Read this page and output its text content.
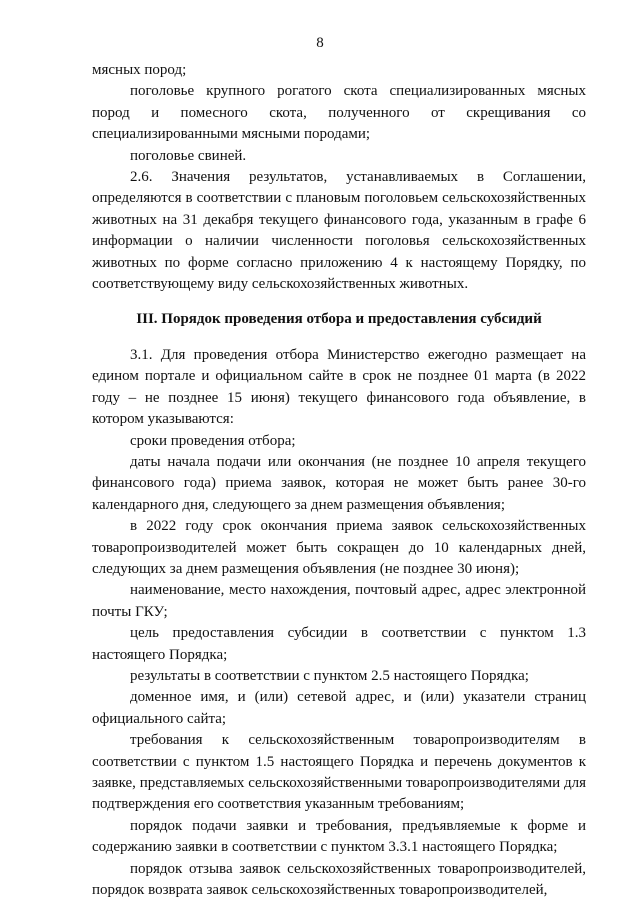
8

мясных пород;

поголовье крупного рогатого скота специализированных мясных пород и помесного скота, полученного от скрещивания со специализированными мясными породами;

поголовье свиней.

2.6. Значения результатов, устанавливаемых в Соглашении, определяются в соответствии с плановым поголовьем сельскохозяйственных животных на 31 декабря текущего финансового года, указанным в графе 6 информации о наличии численности поголовья сельскохозяйственных животных по форме согласно приложению 4 к настоящему Порядку, по соответствующему виду сельскохозяйственных животных.

III. Порядок проведения отбора и предоставления субсидий

3.1. Для проведения отбора Министерство ежегодно размещает на едином портале и официальном сайте в срок не позднее 01 марта (в 2022 году – не позднее 15 июня) текущего финансового года объявление, в котором указываются:

сроки проведения отбора;

даты начала подачи или окончания (не позднее 10 апреля текущего финансового года) приема заявок, которая не может быть ранее 30-го календарного дня, следующего за днем размещения объявления;

в 2022 году срок окончания приема заявок сельскохозяйственных товаропроизводителей может быть сокращен до 10 календарных дней, следующих за днем размещения объявления (не позднее 30 июня);

наименование, место нахождения, почтовый адрес, адрес электронной почты ГКУ;

цель предоставления субсидии в соответствии с пунктом 1.3 настоящего Порядка;

результаты в соответствии с пунктом 2.5 настоящего Порядка;

доменное имя, и (или) сетевой адрес, и (или) указатели страниц официального сайта;

требования к сельскохозяйственным товаропроизводителям в соответствии с пунктом 1.5 настоящего Порядка и перечень документов к заявке, представляемых сельскохозяйственными товаропроизводителями для подтверждения его соответствия указанным требованиям;

порядок подачи заявки и требования, предъявляемые к форме и содержанию заявки в соответствии с пунктом 3.3.1 настоящего Порядка;

порядок отзыва заявок сельскохозяйственных товаропроизводителей, порядок возврата заявок сельскохозяйственных товаропроизводителей,
